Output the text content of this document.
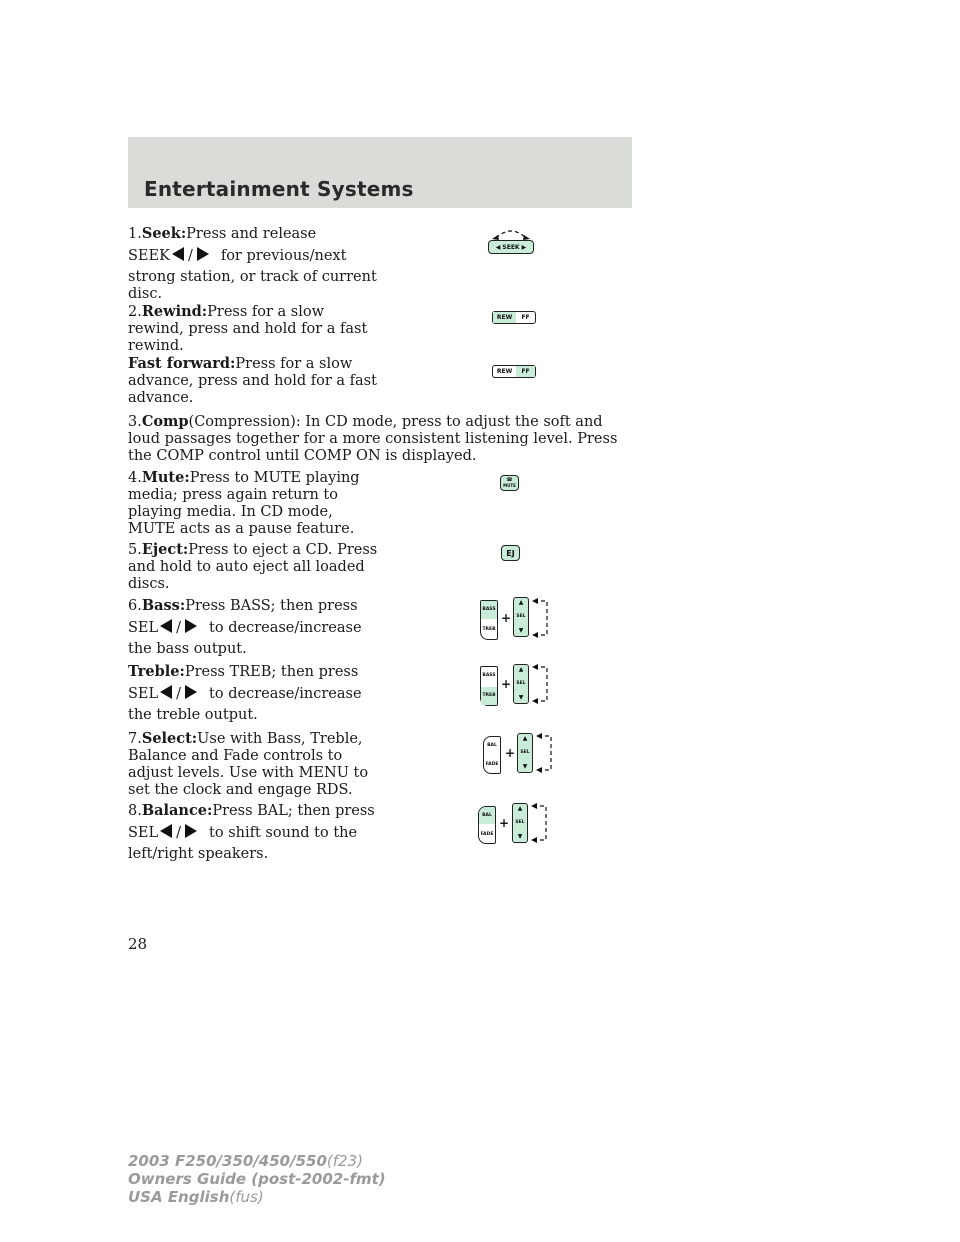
Entertainment Systems

1.Seek:Press and release

SEEK / for previous/next

strong station, or track of current disc.

2.Rewind:Press for a slow rewind, press and hold for a fast rewind.

Fast forward:Press for a slow advance, press and hold for a fast advance.

3.Comp(Compression): In CD mode, press to adjust the soft and loud passages together for a more consistent listening level. Press the COMP control until COMP ON is displayed.

4.Mute:Press to MUTE playing media; press again return to playing media. In CD mode, MUTE acts as a pause feature.

5.Eject:Press to eject a CD. Press and hold to auto eject all loaded discs.

6.Bass:Press BASS; then press

SEL / to decrease/increase

the bass output.

Treble:Press TREB; then press

SEL / to decrease/increase

the treble output.

7.Select:Use with Bass, Treble, Balance and Fade controls to adjust levels. Use with MENU to set the clock and engage RDS.

8.Balance:Press BAL; then press

SEL / to shift sound to the

left/right speakers.

◀ SEEK ▶
REW	FF
REW	FF
☎
MUTE
EJ
BASS
TREB
+
▲
SEL
▼
BASS
TREB
+
▲
SEL
▼
BAL
FADE
+
▲
SEL
▼
BAL
FADE
+
▲
SEL
▼
28
2003 F250/350/450/550(f23)
Owners Guide (post-2002-fmt)
USA English(fus)
